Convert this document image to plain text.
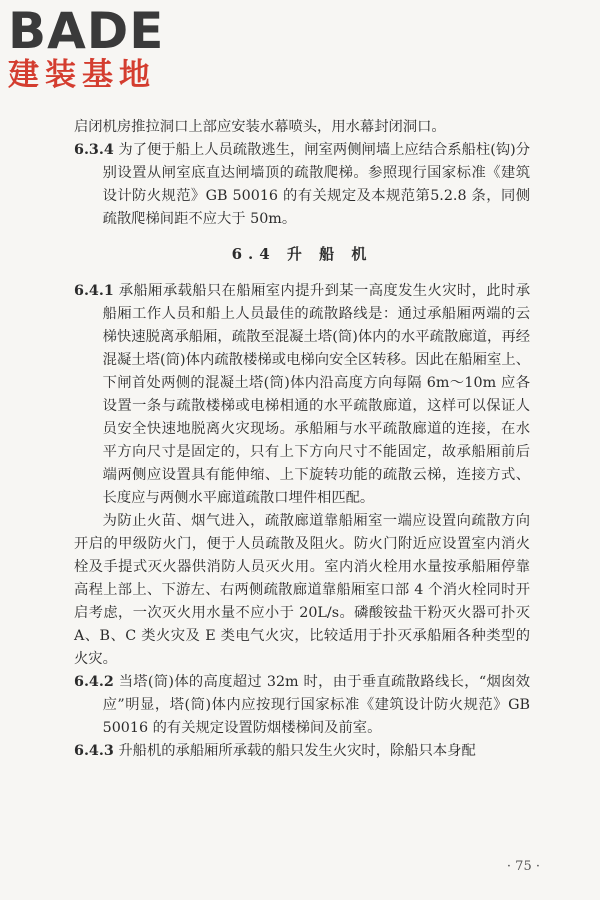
BADE
建装基地

启闭机房推拉洞口上部应安装水幕喷头，用水幕封闭洞口。

6.3.4 为了便于船上人员疏散逃生，闸室两侧闸墙上应结合系船柱(钩)分别设置从闸室底直达闸墙顶的疏散爬梯。参照现行国家标准《建筑设计防火规范》GB 50016 的有关规定及本规范第5.2.8 条，同侧疏散爬梯间距不应大于 50m。

6.4 升 船 机

6.4.1 承船厢承载船只在船厢室内提升到某一高度发生火灾时，此时承船厢工作人员和船上人员最佳的疏散路线是：通过承船厢两端的云梯快速脱离承船厢，疏散至混凝土塔(筒)体内的水平疏散廊道，再经混凝土塔(筒)体内疏散楼梯或电梯向安全区转移。因此在船厢室上、下闸首处两侧的混凝土塔(筒)体内沿高度方向每隔 6m～10m 应各设置一条与疏散楼梯或电梯相通的水平疏散廊道，这样可以保证人员安全快速地脱离火灾现场。承船厢与水平疏散廊道的连接，在水平方向尺寸是固定的，只有上下方向尺寸不能固定，故承船厢前后端两侧应设置具有能伸缩、上下旋转功能的疏散云梯，连接方式、长度应与两侧水平廊道疏散口埋件相匹配。

为防止火苗、烟气进入，疏散廊道靠船厢室一端应设置向疏散方向开启的甲级防火门，便于人员疏散及阻火。防火门附近应设置室内消火栓及手提式灭火器供消防人员灭火用。室内消火栓用水量按承船厢停靠高程上部上、下游左、右两侧疏散廊道靠船厢室口部 4 个消火栓同时开启考虑，一次灭火用水量不应小于 20L/s。磷酸铵盐干粉灭火器可扑灭 A、B、C 类火灾及 E 类电气火灾，比较适用于扑灭承船厢各种类型的火灾。

6.4.2 当塔(筒)体的高度超过 32m 时，由于垂直疏散路线长，“烟囱效应”明显，塔(筒)体内应按现行国家标准《建筑设计防火规范》GB 50016 的有关规定设置防烟楼梯间及前室。

6.4.3 升船机的承船厢所承载的船只发生火灾时，除船只本身配

· 75 ·
